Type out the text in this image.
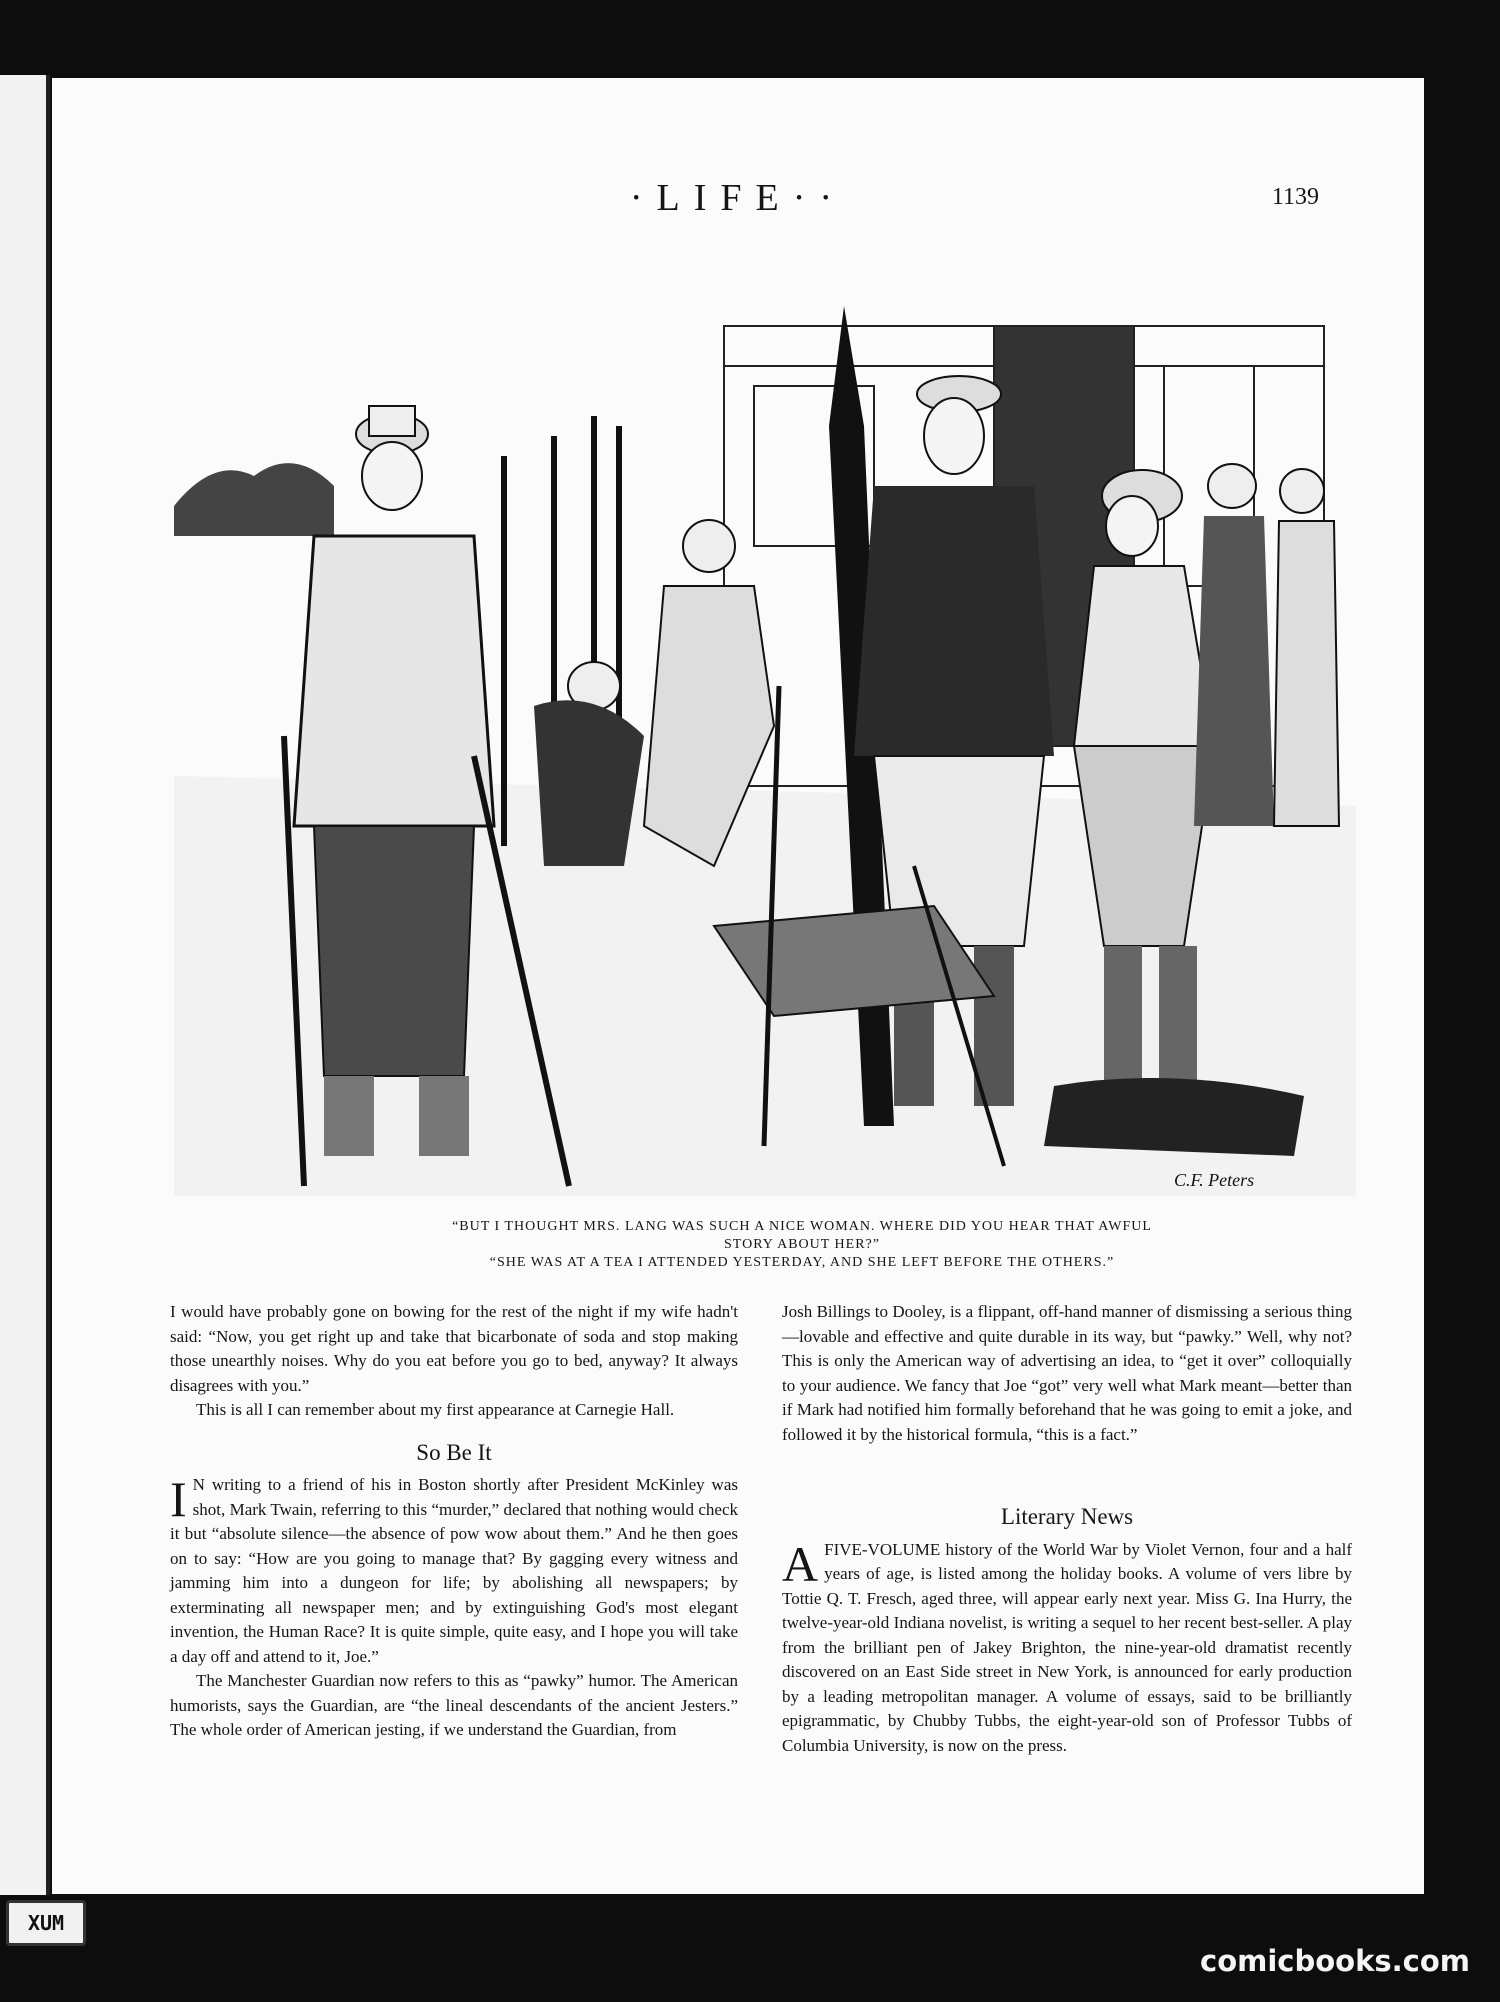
·LIFE··	1139
C.F. Peters
“BUT I THOUGHT MRS. LANG WAS SUCH A NICE WOMAN. WHERE DID YOU HEAR THAT AWFUL
STORY ABOUT HER?”
“SHE WAS AT A TEA I ATTENDED YESTERDAY, AND SHE LEFT BEFORE THE OTHERS.”

I would have probably gone on bowing for the rest of the night if my wife hadn't said: “Now, you get right up and take that bicarbonate of soda and stop making those unearthly noises. Why do you eat before you go to bed, anyway? It always disagrees with you.”

This is all I can remember about my first appearance at Carnegie Hall.

So Be It

I N writing to a friend of his in Boston shortly after President McKinley was shot, Mark Twain, referring to this “murder,” declared that nothing would check it but “absolute silence—the absence of pow wow about them.” And he then goes on to say: “How are you going to manage that? By gagging every witness and jamming him into a dungeon for life; by abolishing all newspapers; by exterminating all newspaper men; and by extinguishing God's most elegant invention, the Human Race? It is quite simple, quite easy, and I hope you will take a day off and attend to it, Joe.”

The Manchester Guardian now refers to this as “pawky” humor. The American humorists, says the Guardian, are “the lineal descendants of the ancient Jesters.” The whole order of American jesting, if we understand the Guardian, from

Josh Billings to Dooley, is a flippant, off-hand manner of dismissing a serious thing—lovable and effective and quite durable in its way, but “pawky.” Well, why not? This is only the American way of advertising an idea, to “get it over” colloquially to your audience. We fancy that Joe “got” very well what Mark meant—better than if Mark had notified him formally beforehand that he was going to emit a joke, and followed it by the historical formula, “this is a fact.”

Literary News

AFIVE-VOLUME history of the World War by Violet Vernon, four and a half years of age, is listed among the holiday books. A volume of vers libre by Tottie Q. T. Fresch, aged three, will appear early next year. Miss G. Ina Hurry, the twelve-year-old Indiana novelist, is writing a sequel to her recent best-seller. A play from the brilliant pen of Jakey Brighton, the nine-year-old dramatist recently discovered on an East Side street in New York, is announced for early production by a leading metropolitan manager. A volume of essays, said to be brilliantly epigrammatic, by Chubby Tubbs, the eight-year-old son of Professor Tubbs of Columbia University, is now on the press.

XUM
comicbooks.com
